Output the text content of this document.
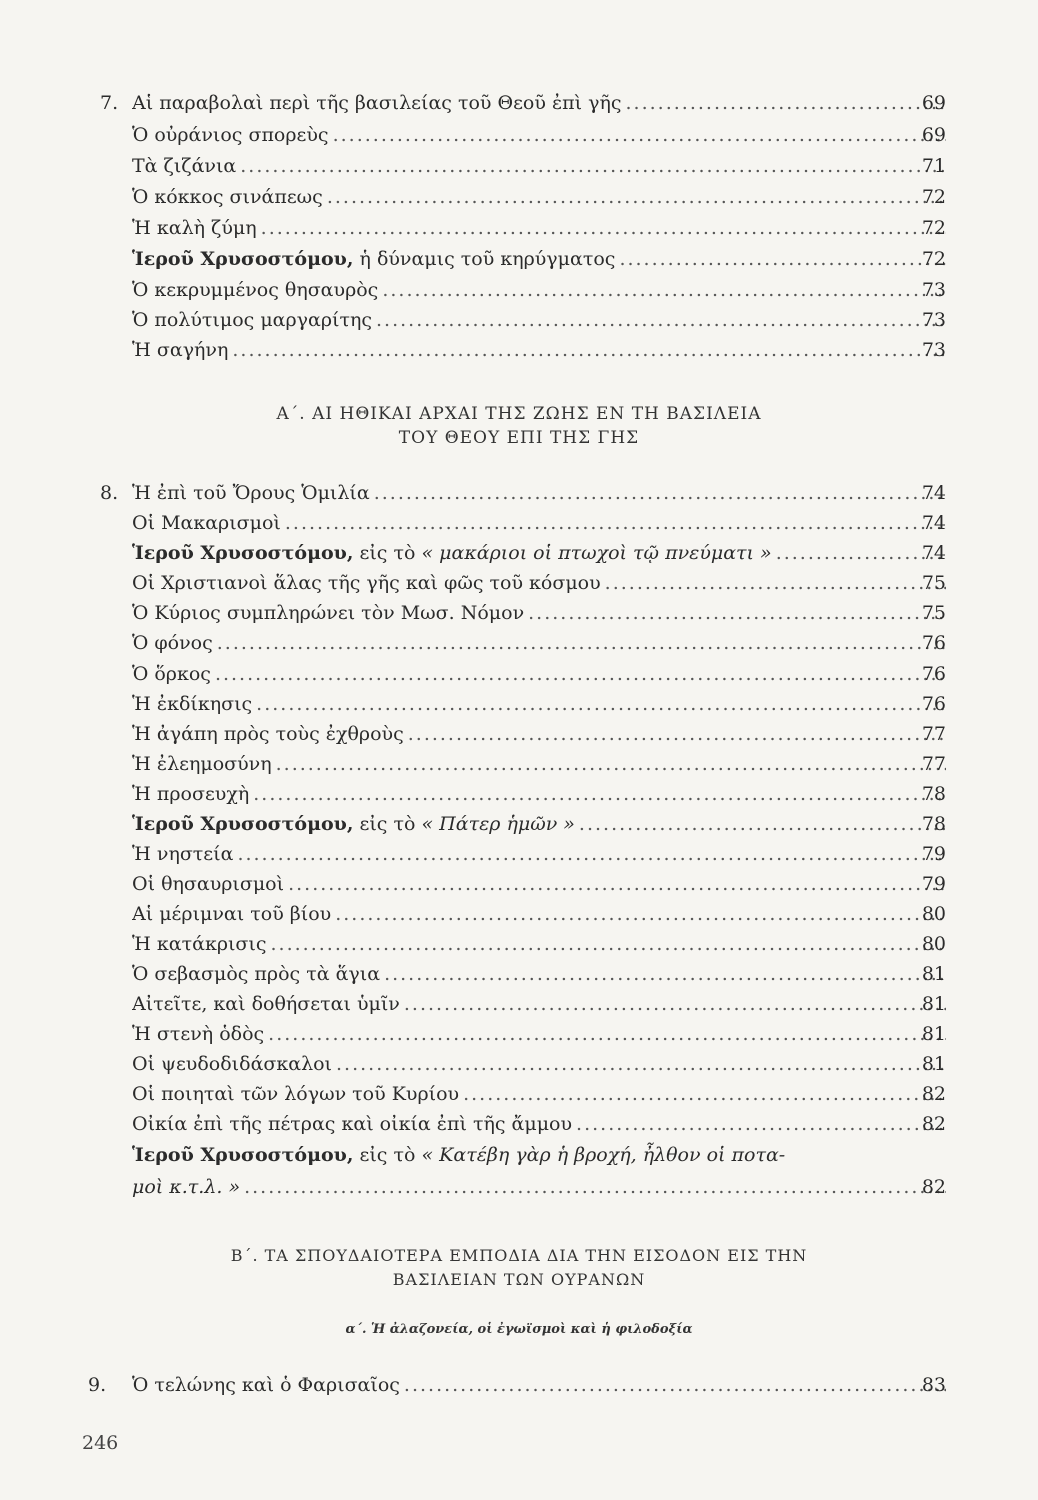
7. Αἱ παραβολαὶ περὶ τῆς βασιλείας τοῦ Θεοῦ ἐπὶ γῆς .....	69
Ὁ οὐράνιος σπορεὺς .....	69
Τὰ ζιζάνια .....	71
Ὁ κόκκος σινάπεως .....	72
Ἡ καλὴ ζύμη .....	72
Ἱεροῦ Χρυσοστόμου, ἡ δύναμις τοῦ κηρύγματος .....	72
Ὁ κεκρυμμένος θησαυρὸς .....	73
Ὁ πολύτιμος μαργαρίτης .....	73
Ἡ σαγήνη .....	73
Α΄. ΑΙ ΗΘΙΚΑΙ ΑΡΧΑΙ ΤΗΣ ΖΩΗΣ ΕΝ ΤΗ ΒΑΣΙΛΕΙΑ
ΤΟΥ ΘΕΟΥ ΕΠΙ ΤΗΣ ΓΗΣ
8. Ἡ ἐπὶ τοῦ Ὄρους Ὁμιλία .....	74
Οἱ Μακαρισμοὶ .....	74
Ἱεροῦ Χρυσοστόμου, εἰς τὸ « μακάριοι οἱ πτωχοὶ τῷ πνεύματι » .....	74
Οἱ Χριστιανοὶ ἅλας τῆς γῆς καὶ φῶς τοῦ κόσμου .....	75
Ὁ Κύριος συμπληρώνει τὸν Μωσ. Νόμον .....	75
Ὁ φόνος .....	76
Ὁ ὅρκος .....	76
Ἡ ἐκδίκησις .....	76
Ἡ ἀγάπη πρὸς τοὺς ἐχθροὺς .....	77
Ἡ ἐλεημοσύνη .....	77
Ἡ προσευχὴ .....	78
Ἱεροῦ Χρυσοστόμου, εἰς τὸ « Πάτερ ἡμῶν » .....	78
Ἡ νηστεία .....	79
Οἱ θησαυρισμοὶ .....	79
Αἱ μέριμναι τοῦ βίου .....	80
Ἡ κατάκρισις .....	80
Ὁ σεβασμὸς πρὸς τὰ ἅγια .....	81
Αἰτεῖτε, καὶ δοθήσεται ὑμῖν .....	81
Ἡ στενὴ ὁδὸς .....	81
Οἱ ψευδοδιδάσκαλοι .....	81
Οἱ ποιηταὶ τῶν λόγων τοῦ Κυρίου .....	82
Οἰκία ἐπὶ τῆς πέτρας καὶ οἰκία ἐπὶ τῆς ἄμμου .....	82
Ἱεροῦ Χρυσοστόμου, εἰς τὸ « Κατέβη γὰρ ἡ βροχή, ἦλθον οἱ ποτα-
μοὶ κ.τ.λ. » .....	82
Β΄. ΤΑ ΣΠΟΥΔΑΙΟΤΕΡΑ ΕΜΠΟΔΙΑ ΔΙΑ ΤΗΝ ΕΙΣΟΔΟΝ ΕΙΣ ΤΗΝ
ΒΑΣΙΛΕΙΑΝ ΤΩΝ ΟΥΡΑΝΩΝ
α΄. Ἡ ἀλαζονεία, οἱ ἐγωϊσμοὶ καὶ ἡ φιλοδοξία
9.	Ὁ τελώνης καὶ ὁ Φαρισαῖος .....	83
246
